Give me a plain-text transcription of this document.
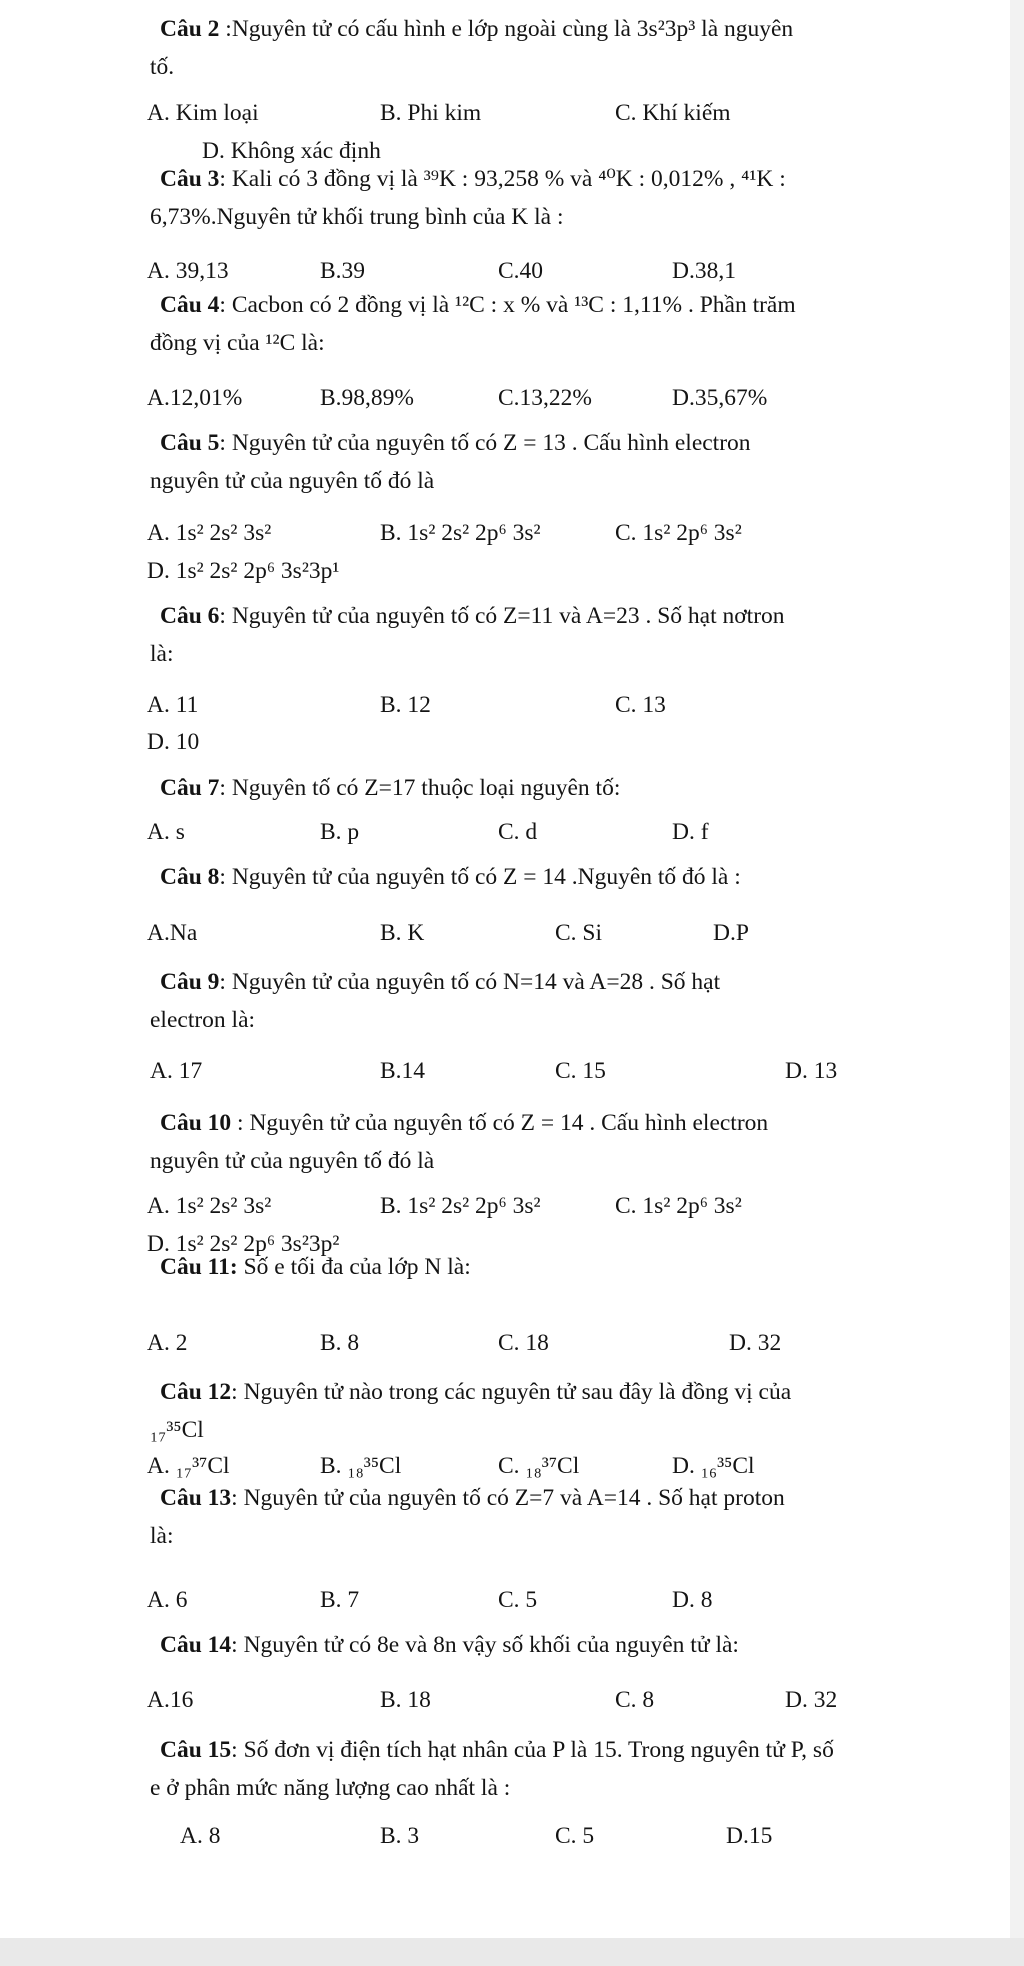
Câu 2 :Nguyên tử có cấu hình e lớp ngoài cùng là 3s²3p³ là nguyên
tố.
A. Kim loại	B. Phi kim	C. Khí kiếm
D. Không xác định
Câu 3: Kali có 3 đồng vị là ³⁹K : 93,258 % và ⁴⁰K : 0,012% , ⁴¹K :
6,73%.Nguyên tử khối trung bình của K là :
A. 39,13	B.39	C.40	D.38,1
Câu 4: Cacbon có 2 đồng vị là ¹²C : x % và ¹³C : 1,11% . Phần trăm
đồng vị của ¹²C là:
A.12,01%	B.98,89%	C.13,22%	D.35,67%
Câu 5: Nguyên tử của nguyên tố có Z = 13 . Cấu hình electron
nguyên tử của nguyên tố đó là
A. 1s² 2s² 3s²	B. 1s² 2s² 2p⁶ 3s²	C. 1s² 2p⁶ 3s²
D. 1s² 2s² 2p⁶ 3s²3p¹
Câu 6: Nguyên tử của nguyên tố có Z=11 và A=23 . Số hạt nơtron
là:
A. 11	B. 12	C. 13
D. 10
Câu 7: Nguyên tố có Z=17 thuộc loại nguyên tố:
A. s	B. p	C. d	D. f
Câu 8: Nguyên tử của nguyên tố có Z = 14 .Nguyên tố đó là :
A.Na	B. K	C. Si	D.P
Câu 9: Nguyên tử của nguyên tố có N=14 và A=28 . Số hạt
electron là:
A. 17	B.14	C. 15	D. 13
Câu 10 : Nguyên tử của nguyên tố có Z = 14 . Cấu hình electron
nguyên tử của nguyên tố đó là
A. 1s² 2s² 3s²	B. 1s² 2s² 2p⁶ 3s²	C. 1s² 2p⁶ 3s²
D. 1s² 2s² 2p⁶ 3s²3p²
Câu 11: Số e tối đa của lớp N là:
A. 2	B. 8	C. 18	D. 32
Câu 12: Nguyên tử nào trong các nguyên tử sau đây là đồng vị của
₁₇³⁵Cl
A. ₁₇³⁷Cl	B. ₁₈³⁵Cl	C. ₁₈³⁷Cl	D. ₁₆³⁵Cl
Câu 13: Nguyên tử của nguyên tố có Z=7 và A=14 . Số hạt proton
là:
A. 6	B. 7	C. 5	D. 8
Câu 14: Nguyên tử có 8e và 8n vậy số khối của nguyên tử là:
A.16	B. 18	C. 8	D. 32
Câu 15: Số đơn vị điện tích hạt nhân của P là 15. Trong nguyên tử P, số
e ở phân mức năng lượng cao nhất là :
A. 8	B. 3	C. 5	D.15
